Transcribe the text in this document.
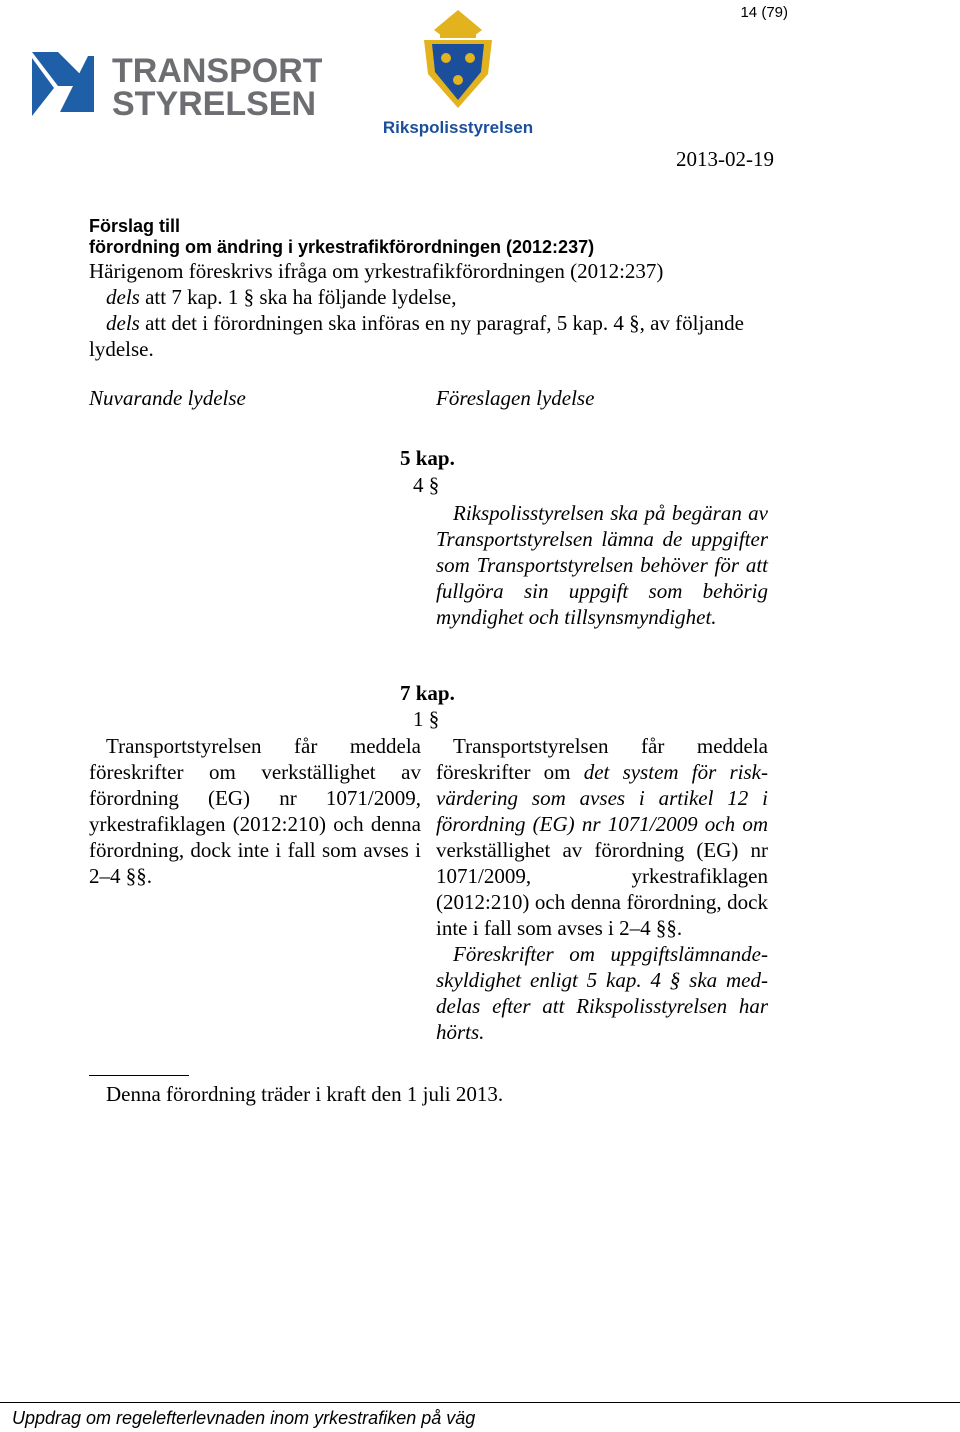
14 (79)
TRANSPORT
STYRELSEN
Rikspolisstyrelsen
2013-02-19
Förslag till
förordning om ändring i yrkestrafikförordningen (2012:237)

Härigenom föreskrivs ifråga om yrkestrafikförordningen (2012:237)

dels att 7 kap. 1 § ska ha följande lydelse,

dels att det i förordningen ska införas en ny paragraf, 5 kap. 4 §, av följande lydelse.

Nuvarande lydelse	Föreslagen lydelse
5 kap.
4 §

Rikspolisstyrelsen ska på begäran av Transportstyrelsen lämna de uppgifter som Transportstyrelsen behöver för att fullgöra sin uppgift som behörig myndighet och tillsynsmyndighet.

7 kap.
1 §

Transportstyrelsen får meddela föreskrifter om verkställighet av förordning (EG) nr 1071/2009, yrkestrafiklagen (2012:210) och denna förordning, dock inte i fall som avses i 2–4 §§.

Transportstyrelsen får meddela föreskrifter om det system för risk-värdering som avses i artikel 12 i förordning (EG) nr 1071/2009 och om verkställighet av förordning (EG) nr 1071/2009, yrkestrafiklagen (2012:210) och denna förordning, dock inte i fall som avses i 2–4 §§.

Föreskrifter om uppgiftslämnande-skyldighet enligt 5 kap. 4 § ska med-delas efter att Rikspolisstyrelsen har hörts.

Denna förordning träder i kraft den 1 juli 2013.
Uppdrag om regelefterlevnaden inom yrkestrafiken på väg
